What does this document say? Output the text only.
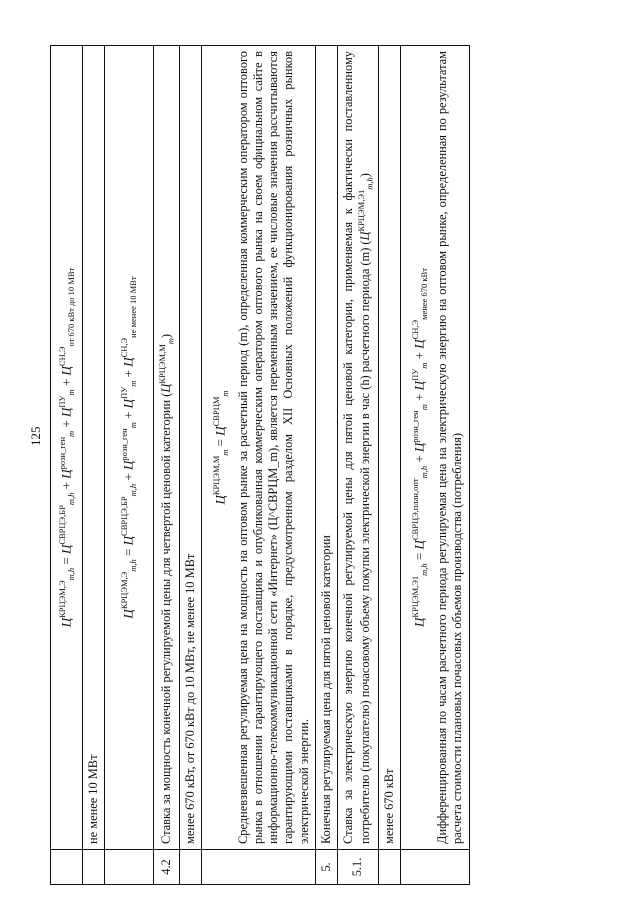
125
	$Ц^{КРЦЭМ,Э}_{m,h} = Ц^{СВРЦЭ,БР}_{m,h} + Ц^{розн\_ген}_m + Ц^{ПУ}_m + Ц^{СН,Э}_{от 670 кВт до 10 МВт}$
	не менее 10 МВт
	$Ц^{КРЦЭМ,Э}_{m,h} = Ц^{СВРЦЭ,БР}_{m,h} + Ц^{розн\_ген}_m + Ц^{ПУ}_m + Ц^{СН,Э}_{не менее 10 МВт}$
4.2	Ставка за мощность конечной регулируемой цены для четвертой ценовой категории $(Ц^{КРЦЭМ,М}_m)$
	менее 670 кВт, от 670 кВт до 10 МВт, не менее 10 МВт

	$Ц^{КРЦЭМ,М}_m = Ц^{СВРЦМ}_m$ Средневзвешенная регулируемая цена на мощность на оптовом рынке за расчетный период (m), определенная коммерческим оператором оптового рынка в отношении гарантирующего поставщика и опубликованная коммерческим оператором оптового рынка на своем официальном сайте в информационно-телекоммуникационной сети «Интернет» (Ц^СВРЦМ_m), является переменным значением, ее числовые значения рассчитываются гарантирующими поставщиками в порядке, предусмотренном разделом XII Основных положений функционирования розничных рынков электрической энергии.

5.	Конечная регулируемая цена для пятой ценовой категории
5.1.	Ставка за электрическую энергию конечной регулируемой цены для пятой ценовой категории, применяемая к фактически поставленному потребителю (покупателю) почасовому объему покупки электрической энергии в час (h) расчетного периода (m) $(Ц^{КРЦЭМ,Э1}_{m,h})$
	менее 670 кВт

	$Ц^{КРЦЭМ,Э1}_{m,h} = Ц^{СВРЦЭ,план,опт}_{m,h} + Ц^{розн\_ген}_m + Ц^{ПУ}_m + Ц^{СН,Э}_{менее 670 кВт}$ Дифференцированная по часам расчетного периода регулируемая цена на электрическую энергию на оптовом рынке, определенная по результатам расчета стоимости плановых почасовых объемов производства (потребления)
